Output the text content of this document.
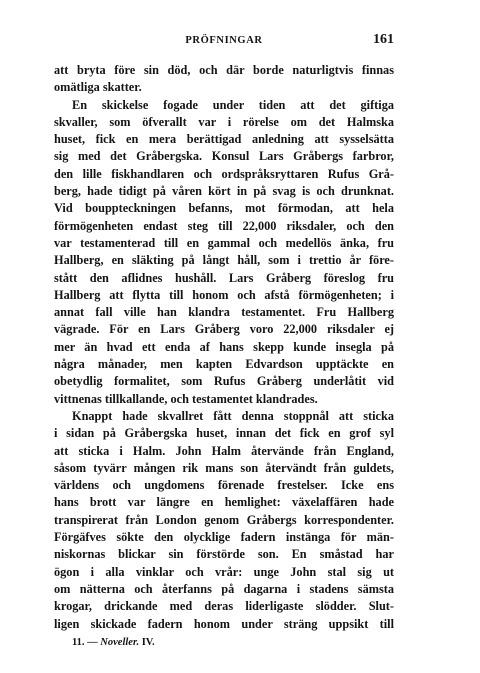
PRÖFNINGAR	161
att bryta före sin död, och där borde naturligtvis finnas
omätliga skatter.
En skickelse fogade under tiden att det giftiga
skvaller, som öfverallt var i rörelse om det Halmska
huset, fick en mera berättigad anledning att sysselsätta
sig med det Gråbergska. Konsul Lars Gråbergs farbror,
den lille fiskhandlaren och ordspråksryttaren Rufus Grå-
berg, hade tidigt på våren kört in på svag is och drunknat.
Vid bouppteckningen befanns, mot förmodan, att hela
förmögenheten endast steg till 22,000 riksdaler, och den
var testamenterad till en gammal och medellös änka, fru
Hallberg, en släkting på långt håll, som i trettio år före-
stått den aflidnes hushåll. Lars Gråberg föreslog fru
Hallberg att flytta till honom och afstå förmögenheten; i
annat fall ville han klandra testamentet. Fru Hallberg
vägrade. För en Lars Gråberg voro 22,000 riksdaler ej
mer än hvad ett enda af hans skepp kunde insegla på
några månader, men kapten Edvardson upptäckte en
obetydlig formalitet, som Rufus Gråberg underlåtit vid
vittnenas tillkallande, och testamentet klandrades.
Knappt hade skvallret fått denna stoppnål att sticka
i sidan på Gråbergska huset, innan det fick en grof syl
att sticka i Halm. John Halm återvände från England,
såsom tyvärr mången rik mans son återvändt från guldets,
världens och ungdomens förenade frestelser. Icke ens
hans brott var längre en hemlighet: växelaffären hade
transpirerat från London genom Gråbergs korrespondenter.
Förgäfves sökte den olycklige fadern instänga för män-
niskornas blickar sin förstörde son. En småstad har
ögon i alla vinklar och vrår: unge John stal sig ut
om nätterna och återfanns på dagarna i stadens sämsta
krogar, drickande med deras liderligaste slödder. Slut-
ligen skickade fadern honom under sträng uppsikt till
11. — Noveller. IV.
